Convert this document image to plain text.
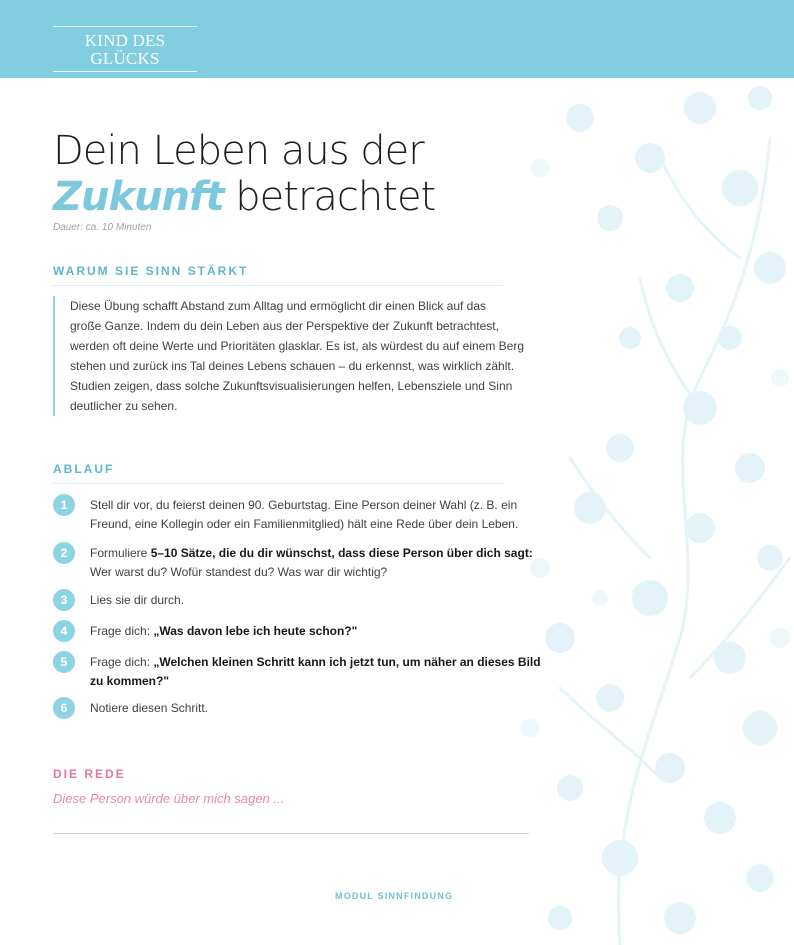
KIND DES GLÜCKS
Dein Leben aus der
Zukunft betrachtet
Dauer: ca. 10 Minuten
WARUM SIE SINN STÄRKT
Diese Übung schafft Abstand zum Alltag und ermöglicht dir einen Blick auf das
große Ganze. Indem du dein Leben aus der Perspektive der Zukunft betrachtest,
werden oft deine Werte und Prioritäten glasklar. Es ist, als würdest du auf einem Berg
stehen und zurück ins Tal deines Lebens schauen – du erkennst, was wirklich zählt.
Studien zeigen, dass solche Zukunftsvisualisierungen helfen, Lebensziele und Sinn
deutlicher zu sehen.
ABLAUF
1	Stell dir vor, du feierst deinen 90. Geburtstag. Eine Person deiner Wahl (z. B. ein
Freund, eine Kollegin oder ein Familienmitglied) hält eine Rede über dein Leben.
2	Formuliere 5–10 Sätze, die du dir wünschst, dass diese Person über dich sagt:
Wer warst du? Wofür standest du? Was war dir wichtig?
3	Lies sie dir durch.
4	Frage dich: „Was davon lebe ich heute schon?"
5	Frage dich: „Welchen kleinen Schritt kann ich jetzt tun, um näher an dieses Bild
zu kommen?"
6	Notiere diesen Schritt.
DIE REDE
Diese Person würde über mich sagen ...
MODUL SINNFINDUNG
